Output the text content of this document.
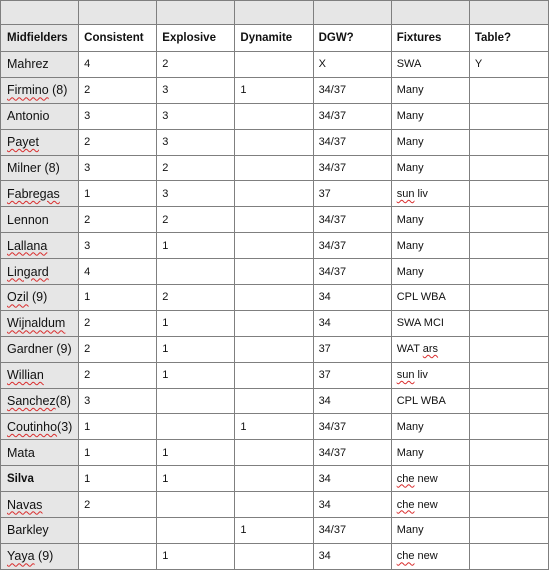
Midfielders	Consistent	Explosive	Dynamite	DGW?	Fixtures	Table?
Mahrez	4	2		X	SWA	Y
Firmino (8)	2	3	1	34/37	Many	
Antonio	3	3		34/37	Many	
Payet	2	3		34/37	Many	
Milner (8)	3	2		34/37	Many	
Fabregas	1	3		37	sun liv	
Lennon	2	2		34/37	Many	
Lallana	3	1		34/37	Many	
Lingard	4			34/37	Many	
Ozil (9)	1	2		34	CPL WBA	
Wijnaldum	2	1		34	SWA MCI	
Gardner (9)	2	1		37	WAT ars	
Willian	2	1		37	sun liv	
Sanchez(8)	3			34	CPL WBA	
Coutinho(3)	1		1	34/37	Many	
Mata	1	1		34/37	Many	
Silva	1	1		34	che new	
Navas	2			34	che new	
Barkley			1	34/37	Many	
Yaya (9)		1		34	che new	
